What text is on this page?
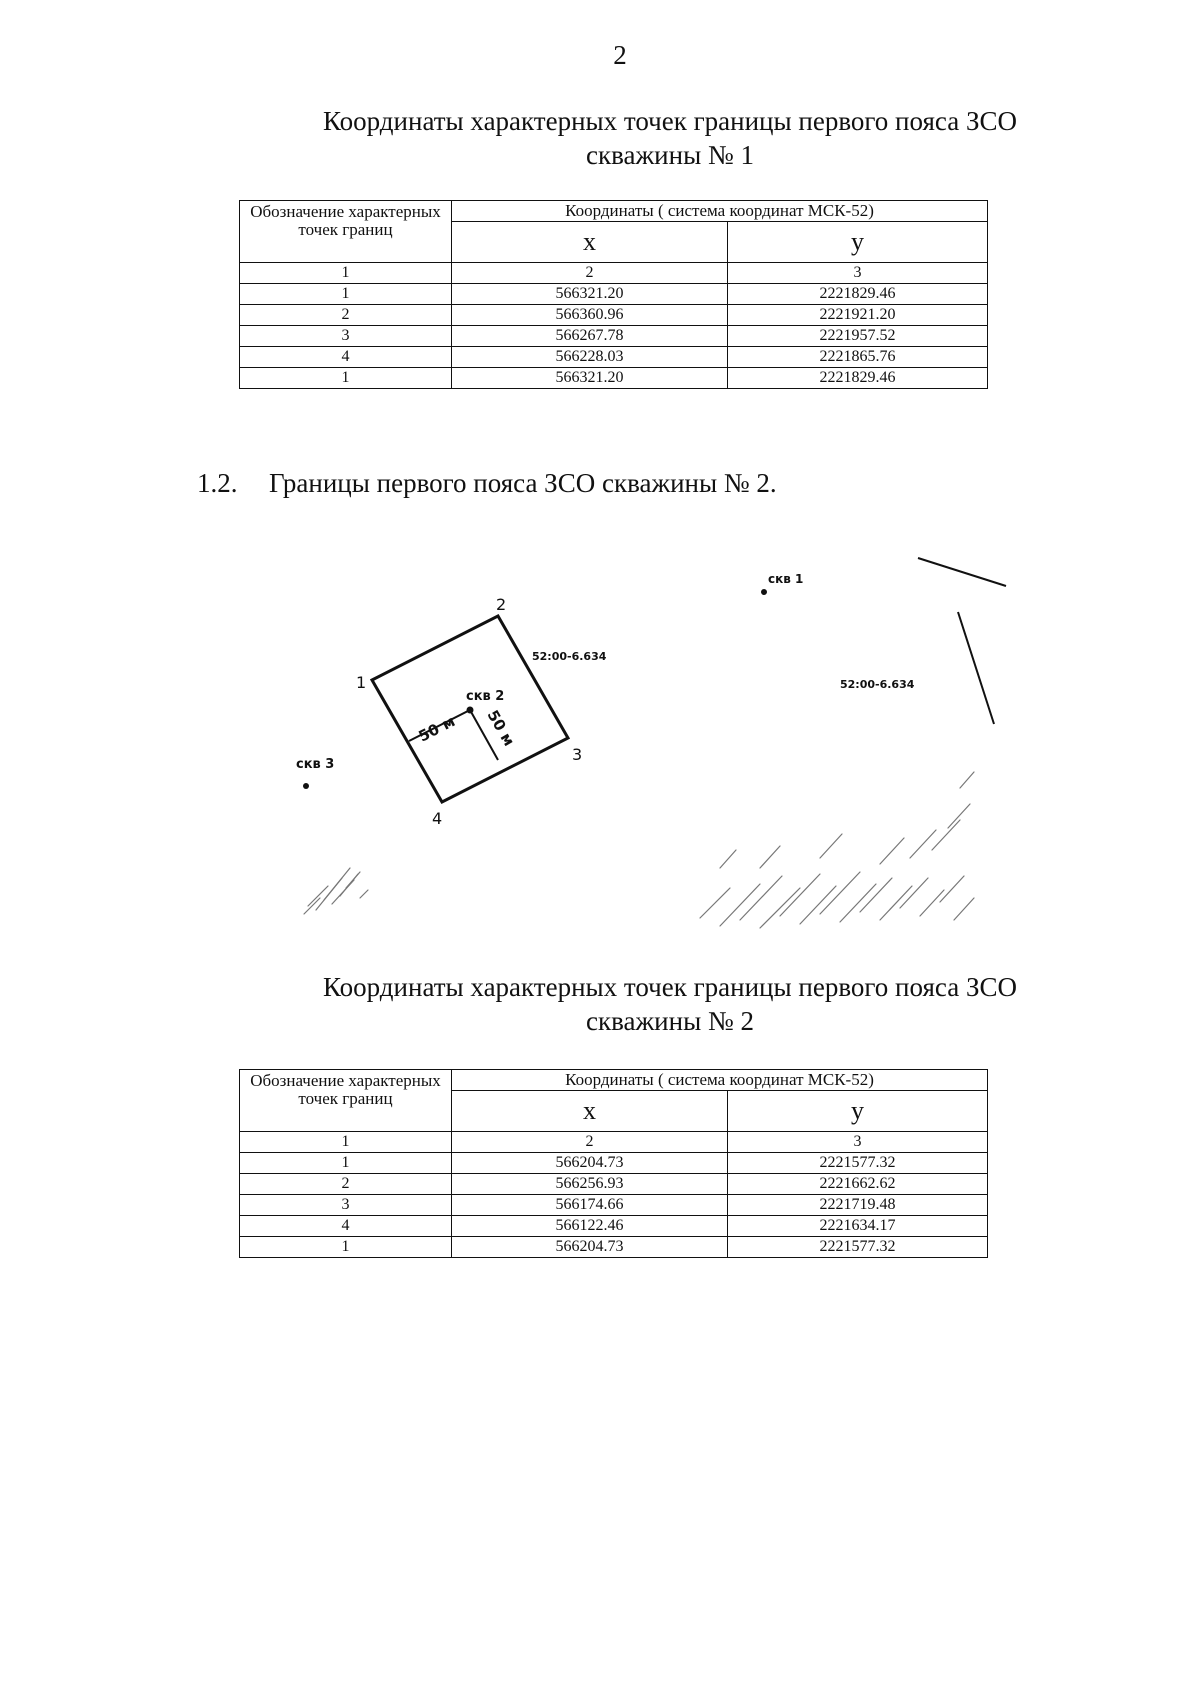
2
Координаты характерных точек границы первого пояса ЗСО
скважины № 1
Обозначение характерных точек границ	Координаты ( система координат МСК-52)	
	x	y
1	2	3
1	566321.20	2221829.46
2	566360.96	2221921.20
3	566267.78	2221957.52
4	566228.03	2221865.76
1	566321.20	2221829.46
1.2. Границы первого пояса ЗСО скважины № 2.
скв 1
скв 2
скв 3
52:00-6.634
52:00-6.634
1
2
3
4
50 м 50 м
Координаты характерных точек границы первого пояса ЗСО
скважины № 2
Обозначение характерных точек границ	Координаты ( система координат МСК-52)	
	x	y
1	2	3
1	566204.73	2221577.32
2	566256.93	2221662.62
3	566174.66	2221719.48
4	566122.46	2221634.17
1	566204.73	2221577.32
